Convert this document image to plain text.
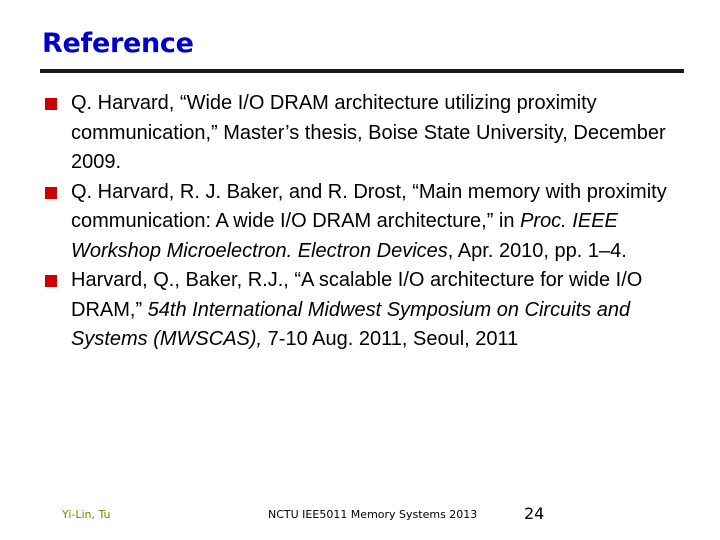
Reference
Q. Harvard, “Wide I/O DRAM architecture utilizing proximity communication,” Master’s thesis, Boise State University, December 2009.
Q. Harvard, R. J. Baker, and R. Drost, “Main memory with proximity communication: A wide I/O DRAM architecture,” in Proc. IEEE Workshop Microelectron. Electron Devices, Apr. 2010, pp. 1–4.
Harvard, Q., Baker, R.J., “A scalable I/O architecture for wide I/O DRAM,” 54th International Midwest Symposium on Circuits and Systems (MWSCAS), 7-10 Aug. 2011, Seoul, 2011
Yi-Lin, Tu	NCTU IEE5011 Memory Systems 2013	24
